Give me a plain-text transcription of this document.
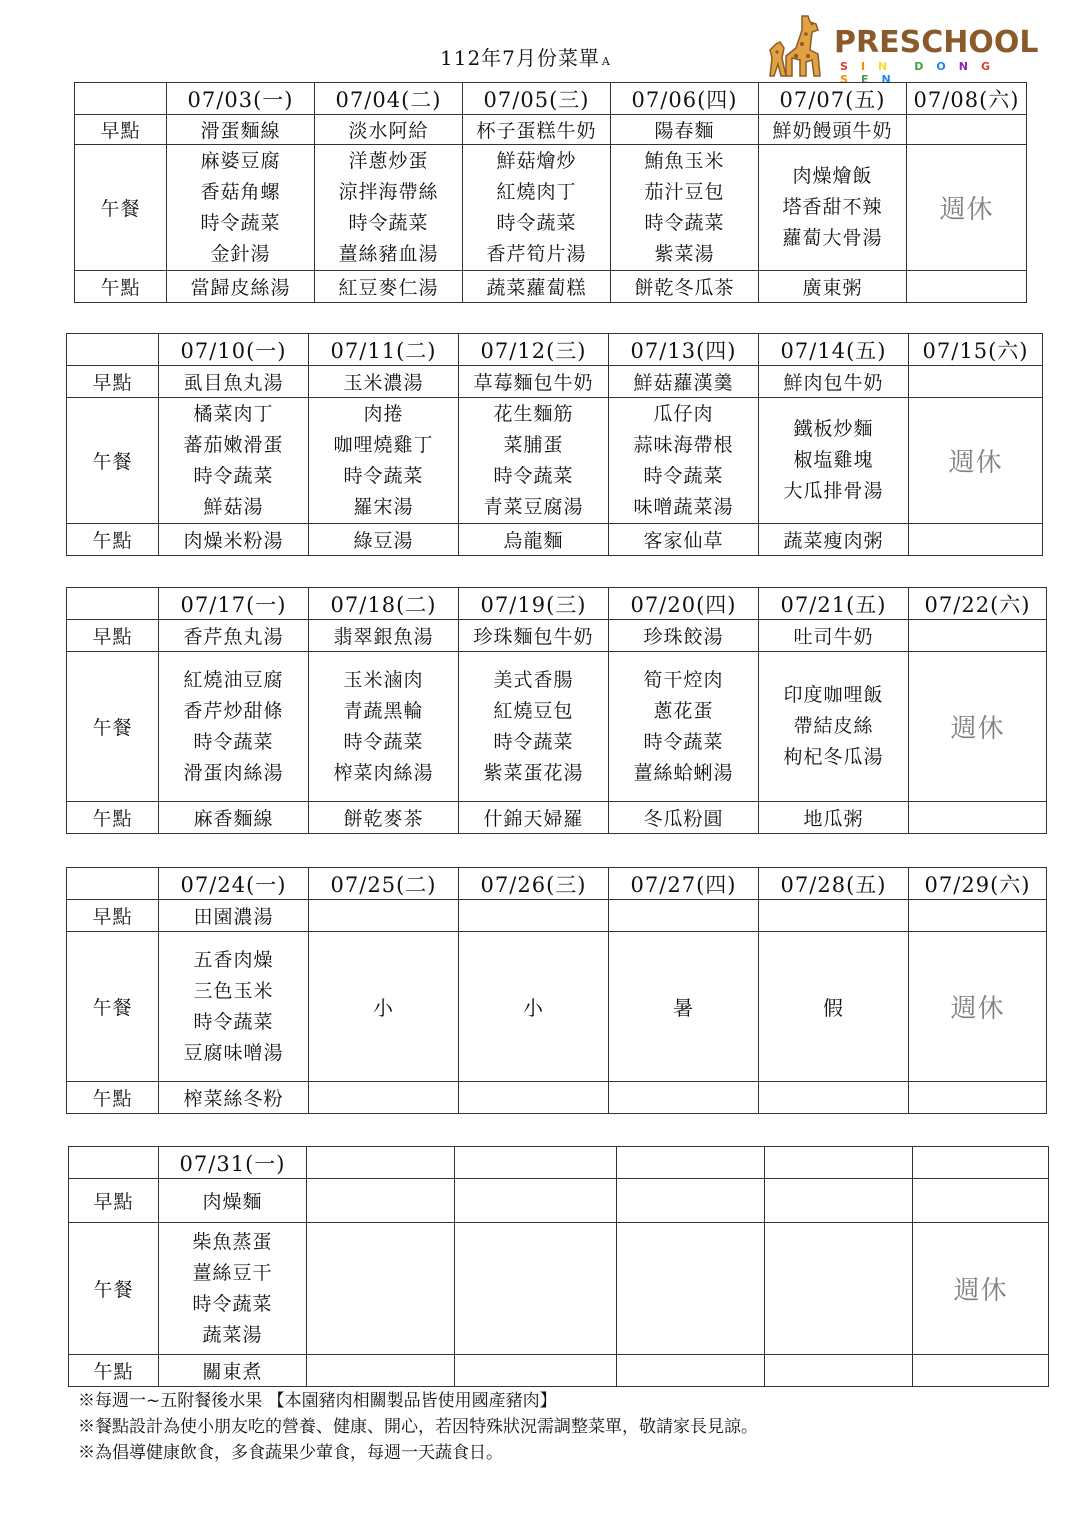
112年7月份菜單 A
PRESCHOOL
SIN DONGSEN
	07/03(一)	07/04(二)	07/05(三)	07/06(四)	07/07(五)	07/08(六)
早點	滑蛋麵線	淡水阿給	杯子蛋糕牛奶	陽春麵	鮮奶饅頭牛奶	
午餐	麻婆豆腐
香菇角螺
時令蔬菜
金針湯	洋蔥炒蛋
涼拌海帶絲
時令蔬菜
薑絲豬血湯	鮮菇燴炒
紅燒肉丁
時令蔬菜
香芹筍片湯	鮪魚玉米
茄汁豆包
時令蔬菜
紫菜湯	肉燥燴飯
塔香甜不辣
蘿蔔大骨湯	週休
午點	當歸皮絲湯	紅豆麥仁湯	蔬菜蘿蔔糕	餅乾冬瓜茶	廣東粥	
	07/10(一)	07/11(二)	07/12(三)	07/13(四)	07/14(五)	07/15(六)
早點	虱目魚丸湯	玉米濃湯	草莓麵包牛奶	鮮菇蘿漢羹	鮮肉包牛奶	
午餐	橘菜肉丁
蕃茄嫩滑蛋
時令蔬菜
鮮菇湯	肉捲
咖哩燒雞丁
時令蔬菜
羅宋湯	花生麵筋
菜脯蛋
時令蔬菜
青菜豆腐湯	瓜仔肉
蒜味海帶根
時令蔬菜
味噌蔬菜湯	鐵板炒麵
椒塩雞塊
大瓜排骨湯	週休
午點	肉燥米粉湯	綠豆湯	烏龍麵	客家仙草	蔬菜瘦肉粥	
	07/17(一)	07/18(二)	07/19(三)	07/20(四)	07/21(五)	07/22(六)
早點	香芹魚丸湯	翡翠銀魚湯	珍珠麵包牛奶	珍珠餃湯	吐司牛奶	
午餐	紅燒油豆腐
香芹炒甜條
時令蔬菜
滑蛋肉絲湯	玉米滷肉
青蔬黑輪
時令蔬菜
榨菜肉絲湯	美式香腸
紅燒豆包
時令蔬菜
紫菜蛋花湯	筍干焢肉
蔥花蛋
時令蔬菜
薑絲蛤蜊湯	印度咖哩飯
帶結皮絲
枸杞冬瓜湯	週休
午點	麻香麵線	餅乾麥茶	什錦天婦羅	冬瓜粉圓	地瓜粥	
	07/24(一)	07/25(二)	07/26(三)	07/27(四)	07/28(五)	07/29(六)
早點	田園濃湯					
午餐	五香肉燥
三色玉米
時令蔬菜
豆腐味噌湯	小	小	暑	假	週休
午點	榨菜絲冬粉					
	07/31(一)					
早點	肉燥麵					
午餐	柴魚蒸蛋
薑絲豆干
時令蔬菜
蔬菜湯					週休
午點	關東煮					
※每週一~五附餐後水果 【本園豬肉相關製品皆使用國產豬肉】
※餐點設計為使小朋友吃的營養、健康、開心，若因特殊狀況需調整菜單，敬請家長見諒。
※為倡導健康飲食，多食蔬果少葷食，每週一天蔬食日。
